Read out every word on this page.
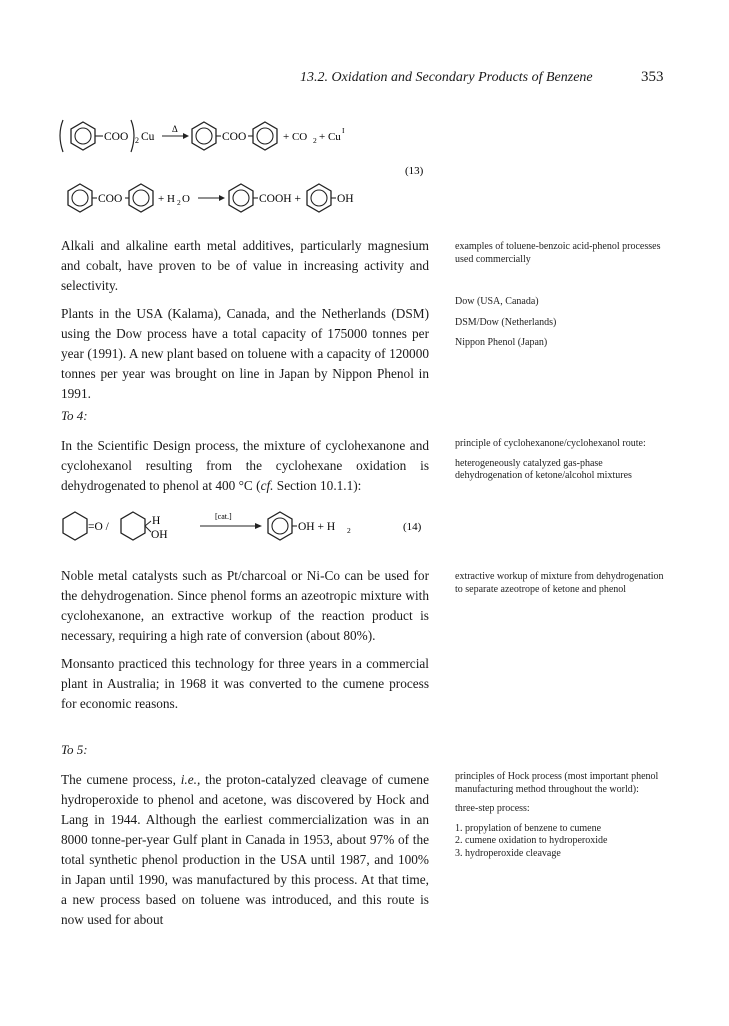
13.2. Oxidation and Secondary Products of Benzene	353
COO 2 Cu
Δ
COO	+ CO 2 + Cu
I
(13)
COO	+ H 2 O	COOH +	OH

Alkali and alkaline earth metal additives, particularly magnesium and cobalt, have proven to be of value in increasing activity and selectivity.

Plants in the USA (Kalama), Canada, and the Netherlands (DSM) using the Dow process have a total capacity of 175000 tonnes per year (1991). A new plant based on toluene with a capacity of 120000 tonnes per year was brought on line in Japan by Nippon Phenol in 1991.

examples of toluene-benzoic acid-phenol processes used commercially

Dow (USA, Canada)

DSM/Dow (Netherlands)

Nippon Phenol (Japan)

To 4:

In the Scientific Design process, the mixture of cyclohexanone and cyclohexanol resulting from the cyclohexane oxidation is dehydrogenated to phenol at 400 °C (cf. Section 10.1.1):

principle of cyclohexanone/cyclohexanol route:

heterogeneously catalyzed gas-phase dehydrogenation of ketone/alcohol mixtures

=O /	H
OH
[cat.]
OH + H 2	(14)

Noble metal catalysts such as Pt/charcoal or Ni-Co can be used for the dehydrogenation. Since phenol forms an azeotropic mixture with cyclohexanone, an extractive workup of the reaction product is necessary, requiring a high rate of conversion (about 80%).

Monsanto practiced this technology for three years in a commercial plant in Australia; in 1968 it was converted to the cumene process for economic reasons.

extractive workup of mixture from dehydrogenation to separate azeotrope of ketone and phenol

To 5:

The cumene process, i.e., the proton-catalyzed cleavage of cumene hydroperoxide to phenol and acetone, was discovered by Hock and Lang in 1944. Although the earliest commercialization was in an 8000 tonne-per-year Gulf plant in Canada in 1953, about 97% of the total synthetic phenol production in the USA until 1987, and 100% in Japan until 1990, was manufactured by this process. At that time, a new process based on toluene was introduced, and this route is now used for about

principles of Hock process (most important phenol manufacturing method throughout the world):

three-step process:

1. propylation of benzene to cumene
2. cumene oxidation to hydroperoxide
3. hydroperoxide cleavage
